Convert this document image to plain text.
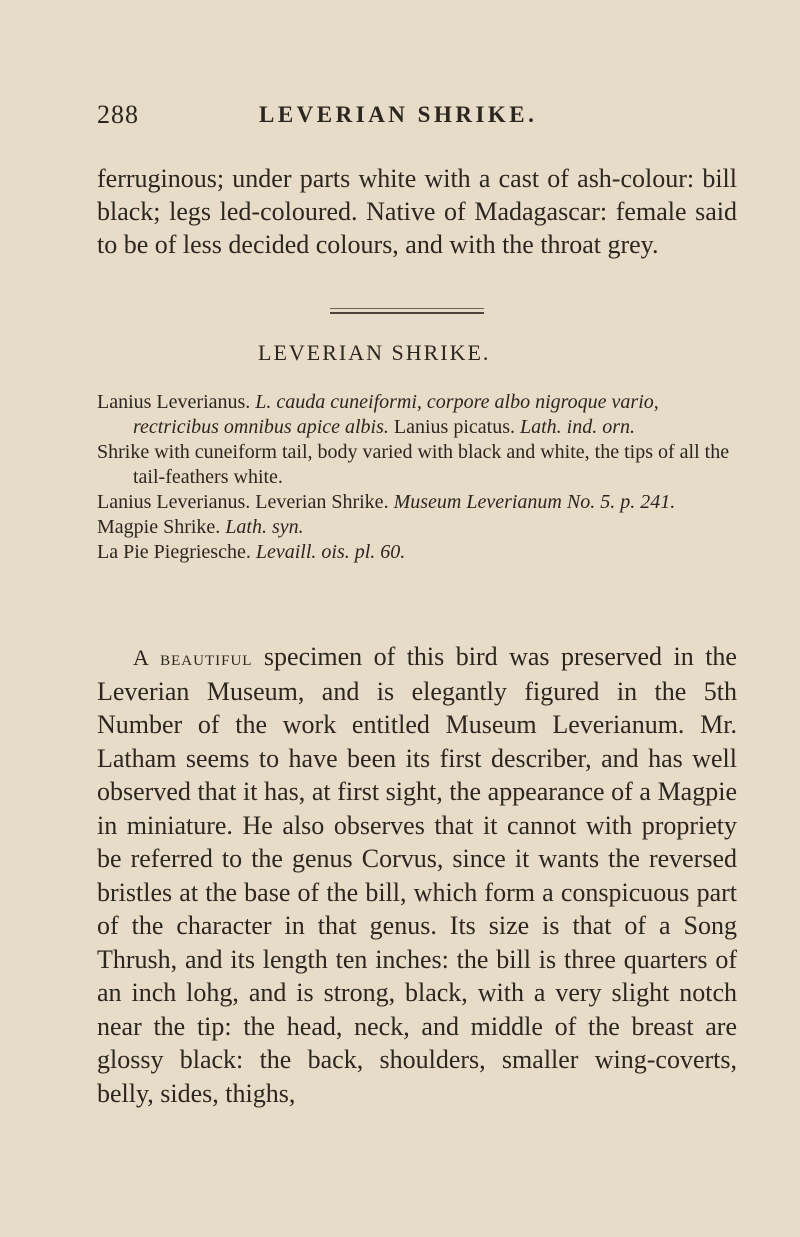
288	LEVERIAN SHRIKE.
ferruginous; under parts white with a cast of ash-colour: bill black; legs led-coloured. Native of Madagascar: female said to be of less decided colours, and with the throat grey.
LEVERIAN SHRIKE.

Lanius Leverianus. L. cauda cuneiformi, corpore albo nigroque vario, rectricibus omnibus apice albis. Lanius picatus. Lath. ind. orn.

Shrike with cuneiform tail, body varied with black and white, the tips of all the tail-feathers white.

Lanius Leverianus. Leverian Shrike. Museum Leverianum No. 5. p. 241.

Magpie Shrike. Lath. syn.

La Pie Piegriesche. Levaill. ois. pl. 60.

A beautiful specimen of this bird was preserved in the Leverian Museum, and is elegantly figured in the 5th Number of the work entitled Museum Leverianum. Mr. Latham seems to have been its first describer, and has well observed that it has, at first sight, the appearance of a Magpie in miniature. He also observes that it cannot with propriety be referred to the genus Corvus, since it wants the reversed bristles at the base of the bill, which form a conspicuous part of the character in that genus. Its size is that of a Song Thrush, and its length ten inches: the bill is three quarters of an inch lohg, and is strong, black, with a very slight notch near the tip: the head, neck, and middle of the breast are glossy black: the back, shoulders, smaller wing-coverts, belly, sides, thighs,
